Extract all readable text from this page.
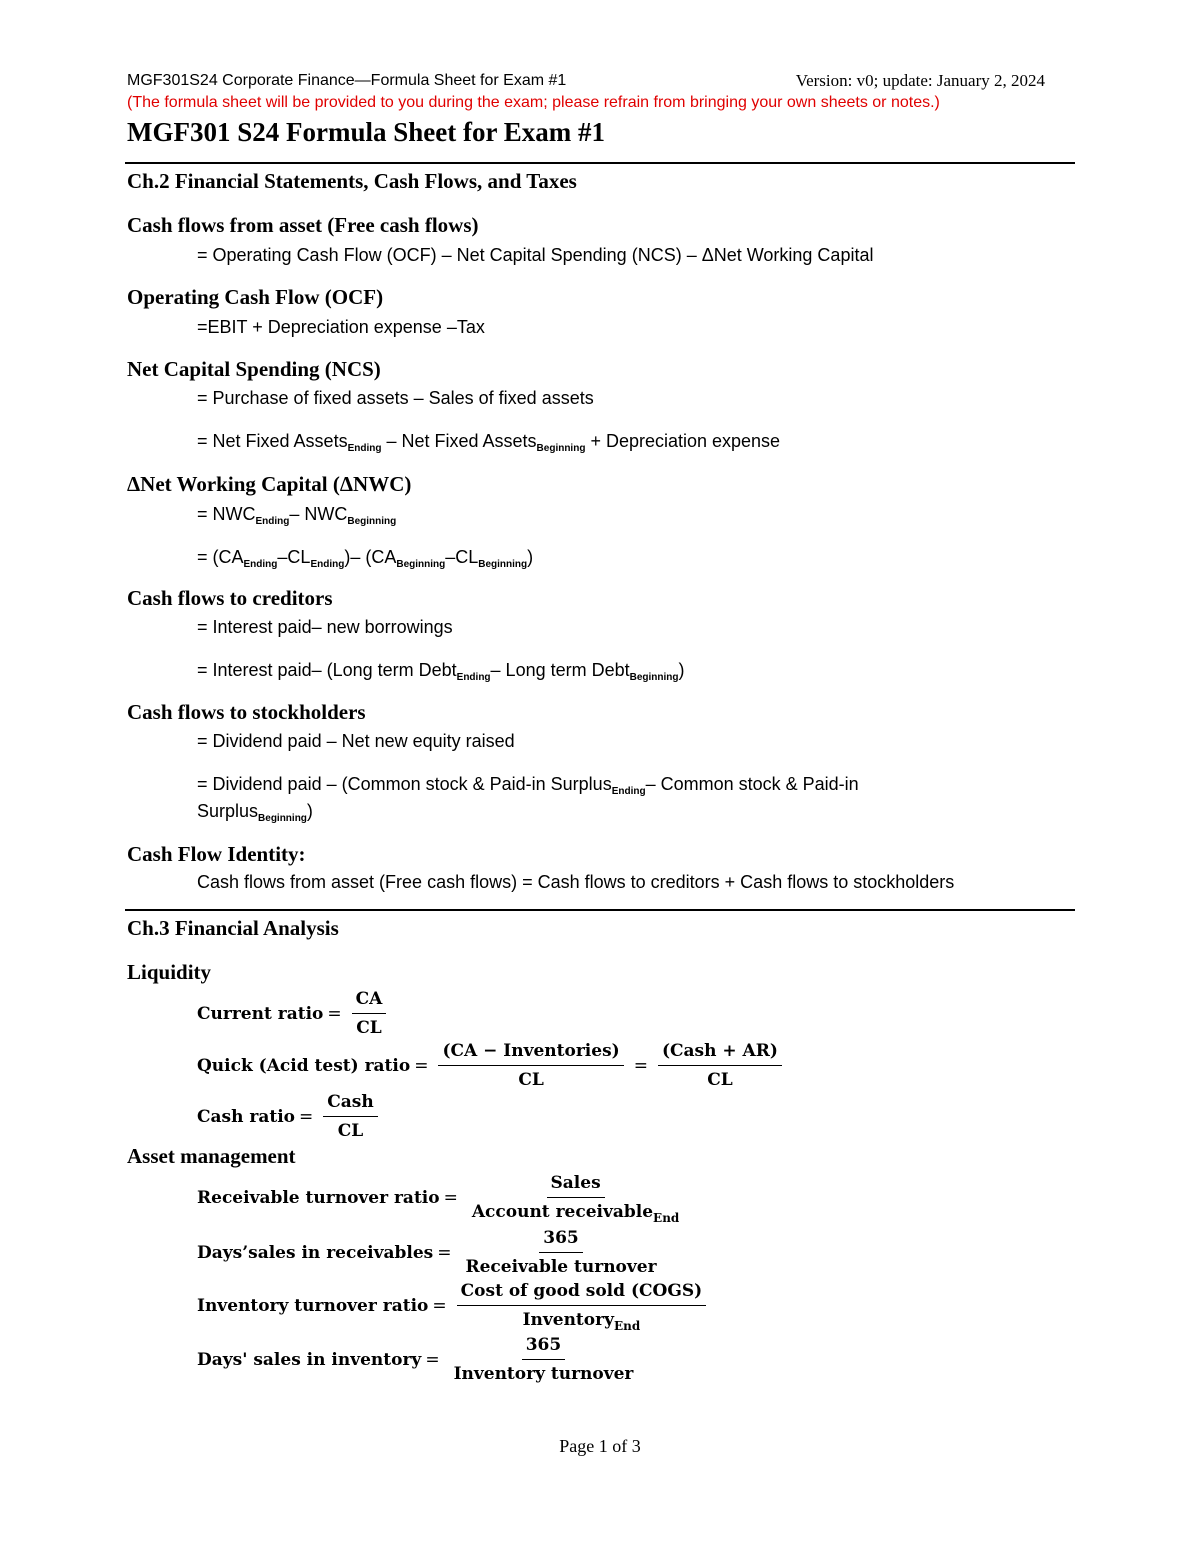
MGF301S24 Corporate Finance—Formula Sheet for Exam #1	Version: v0; update: January 2, 2024
(The formula sheet will be provided to you during the exam; please refrain from bringing your own sheets or notes.)
MGF301 S24 Formula Sheet for Exam #1
Ch.2 Financial Statements, Cash Flows, and Taxes
Cash flows from asset (Free cash flows)
= Operating Cash Flow (OCF) – Net Capital Spending (NCS) – ΔNet Working Capital
Operating Cash Flow (OCF)
=EBIT + Depreciation expense –Tax
Net Capital Spending (NCS)
= Purchase of fixed assets – Sales of fixed assets
= Net Fixed Assets$_{Ending}$ – Net Fixed Assets$_{Beginning}$ + Depreciation expense
ΔNet Working Capital (ΔNWC)
= $NWC_{Ending}-$ $NWC_{Beginning}$
= $(CA_{Ending}-CL_{Ending})-$ $(CA_{Beginning}-CL_{Beginning})$
Cash flows to creditors
= Interest paid– new borrowings
= Interest paid– (Long term Debt$_{Ending}$– Long term Debt$_{Beginning}$)
Cash flows to stockholders
= Dividend paid – Net new equity raised
= Dividend paid – (Common stock & Paid-in Surplus$_{Ending}$– Common stock & Paid-in
Surplus$_{Beginning}$)
Cash Flow Identity:
Cash flows from asset (Free cash flows) = Cash flows to creditors + Cash flows to stockholders
Ch.3 Financial Analysis
Liquidity
Current ratio = $\frac{CA}{CL}$
Quick (Acid test) ratio = $\frac{\text{(CA − Inventories)}}{CL} = \frac{\text{(Cash + AR)}}{CL}$
Cash ratio = $\frac{\text{Cash}}{CL}$
Asset management
Receivable turnover ratio = $\frac{\text{Sales}}{Account receivable_{End}}$
Days’sales in receivables = $\frac{365}{\text{Receivable turnover}}$
Inventory turnover ratio = $\frac{\text{Cost of good sold (COGS)}}{Inventory_{End}}$
Days' sales in inventory = $\frac{365}{\text{Inventory turnover}}$
Page 1 of 3
